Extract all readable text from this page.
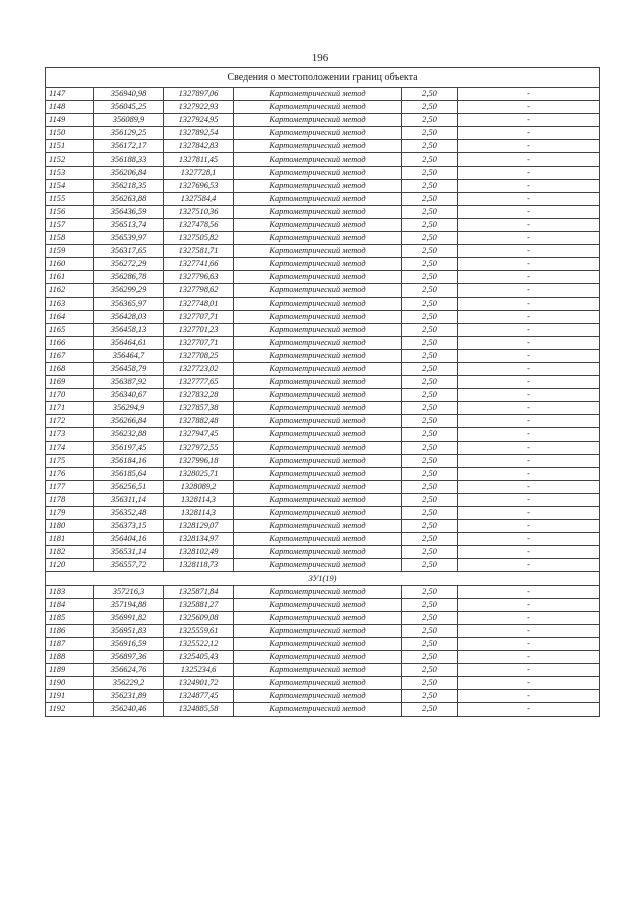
196
Сведения о местоположении границ объекта					
1147	356940,98	1327897,06	Картометрический метод	2,50	-
1148	356045,25	1327922,93	Картометрический метод	2,50	-
1149	356089,9	1327924,95	Картометрический метод	2,50	-
1150	356129,25	1327892,54	Картометрический метод	2,50	-
1151	356172,17	1327842,83	Картометрический метод	2,50	-
1152	356188,33	1327811,45	Картометрический метод	2,50	-
1153	356206,84	1327728,1	Картометрический метод	2,50	-
1154	356218,35	1327696,53	Картометрический метод	2,50	-
1155	356263,88	1327584,4	Картометрический метод	2,50	-
1156	356436,59	1327510,36	Картометрический метод	2,50	-
1157	356513,74	1327478,56	Картометрический метод	2,50	-
1158	356539,97	1327505,82	Картометрический метод	2,50	-
1159	356317,65	1327581,71	Картометрический метод	2,50	-
1160	356272,29	1327741,66	Картометрический метод	2,50	-
1161	356286,78	1327796,63	Картометрический метод	2,50	-
1162	356299,29	1327798,62	Картометрический метод	2,50	-
1163	356365,97	1327748,01	Картометрический метод	2,50	-
1164	356428,03	1327707,71	Картометрический метод	2,50	-
1165	356458,13	1327701,23	Картометрический метод	2,50	-
1166	356464,61	1327707,71	Картометрический метод	2,50	-
1167	356464,7	1327708,25	Картометрический метод	2,50	-
1168	356458,79	1327723,02	Картометрический метод	2,50	-
1169	356387,92	1327777,65	Картометрический метод	2,50	-
1170	356340,67	1327832,28	Картометрический метод	2,50	-
1171	356294,9	1327857,38	Картометрический метод	2,50	-
1172	356266,84	1327882,48	Картометрический метод	2,50	-
1173	356232,88	1327947,45	Картометрический метод	2,50	-
1174	356197,45	1327972,55	Картометрический метод	2,50	-
1175	356184,16	1327996,18	Картометрический метод	2,50	-
1176	356185,64	1328025,71	Картометрический метод	2,50	-
1177	356256,51	1328089,2	Картометрический метод	2,50	-
1178	356311,14	1328114,3	Картометрический метод	2,50	-
1179	356352,48	1328114,3	Картометрический метод	2,50	-
1180	356373,15	1328129,07	Картометрический метод	2,50	-
1181	356404,16	1328134,97	Картометрический метод	2,50	-
1182	356531,14	1328102,49	Картометрический метод	2,50	-
1120	356557,72	1328118,73	Картометрический метод	2,50	-
ЗУ1(19)					
1183	357216,3	1325871,84	Картометрический метод	2,50	-
1184	357194,88	1325881,27	Картометрический метод	2,50	-
1185	356991,82	1325609,08	Картометрический метод	2,50	-
1186	356951,83	1325559,61	Картометрический метод	2,50	-
1187	356916,59	1325522,12	Картометрический метод	2,50	-
1188	356897,36	1325405,43	Картометрический метод	2,50	-
1189	356624,76	1325234,6	Картометрический метод	2,50	-
1190	356229,2	1324901,72	Картометрический метод	2,50	-
1191	356231,89	1324877,45	Картометрический метод	2,50	-
1192	356240,46	1324885,58	Картометрический метод	2,50	-
